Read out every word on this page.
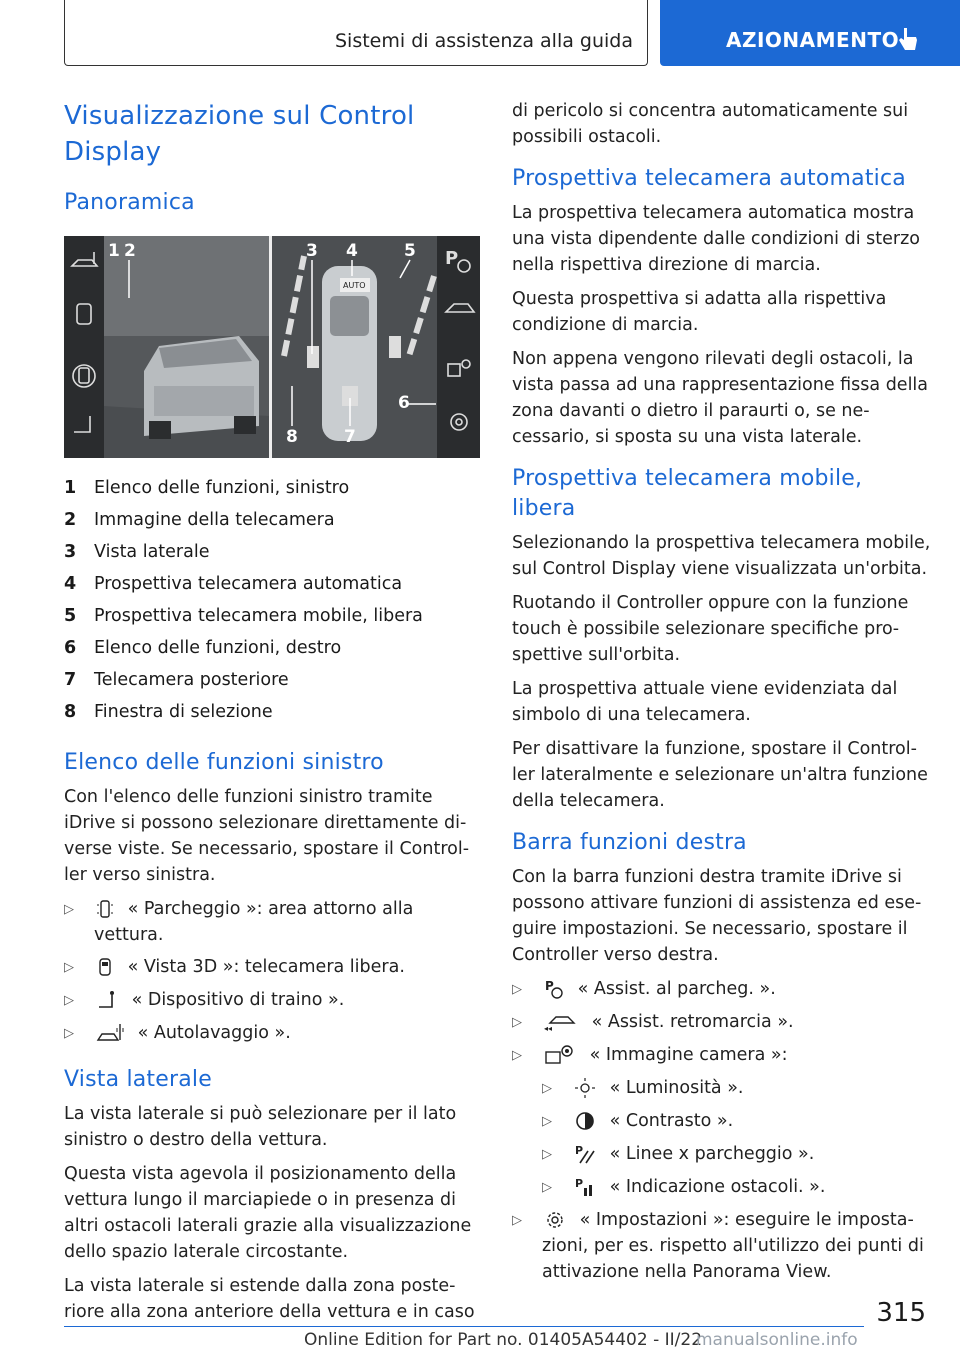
Sistemi di assistenza alla guida	AZIONAMENTO
Visualizzazione sul Control Display
Panoramica
AUTO
P
1 2	3 4	5
6
7
8
1	Elenco delle funzioni, sinistro
2	Immagine della telecamera
3	Vista laterale
4	Prospettiva telecamera automatica
5	Prospettiva telecamera mobile, libera
6	Elenco delle funzioni, destro
7	Telecamera posteriore
8	Finestra di selezione
Elenco delle funzioni sinistro

Con l'elenco delle funzioni sinistro tramite iDrive si possono selezionare direttamente diverse viste. Se necessario, spostare il Controller verso sinistra.

▷	« Parcheggio »: area attorno alla vettura.
▷	« Vista 3D »: telecamera libera.
▷	« Dispositivo di traino ».
▷	« Autolavaggio ».
Vista laterale

La vista laterale si può selezionare per il lato sinistro o destro della vettura.

Questa vista agevola il posizionamento della vettura lungo il marciapiede o in presenza di altri ostacoli laterali grazie alla visualizzazione dello spazio laterale circostante.

La vista laterale si estende dalla zona posteriore alla zona anteriore della vettura e in caso

di pericolo si concentra automaticamente sui possibili ostacoli.

Prospettiva telecamera automatica

La prospettiva telecamera automatica mostra una vista dipendente dalle condizioni di sterzo nella rispettiva direzione di marcia.

Questa prospettiva si adatta alla rispettiva condizione di marcia.

Non appena vengono rilevati degli ostacoli, la vista passa ad una rappresentazione fissa della zona davanti o dietro il paraurti o, se necessario, si sposta su una vista laterale.

Prospettiva telecamera mobile, libera

Selezionando la prospettiva telecamera mobile, sul Control Display viene visualizzata un'orbita.

Ruotando il Controller oppure con la funzione touch è possibile selezionare specifiche prospettive sull'orbita.

La prospettiva attuale viene evidenziata dal simbolo di una telecamera.

Per disattivare la funzione, spostare il Controller lateralmente e selezionare un'altra funzione della telecamera.

Barra funzioni destra

Con la barra funzioni destra tramite iDrive si possono attivare funzioni di assistenza ed eseguire impostazioni. Se necessario, spostare il Controller verso destra.

▷	P « Assist. al parcheg. ».
▷	◂◂ « Assist. retromarcia ».
▷	« Immagine camera »:
▷	« Luminosità ».
▷	« Contrasto ».
▷	P « Linee x parcheggio ».
▷	P « Indicazione ostacoli. ».
▷	« Impostazioni »: eseguire le impostazioni, per es. rispetto all'utilizzo dei punti di attivazione nella Panorama View.
315
Online Edition for Part no. 01405A54402 - II/22
manualsonline.info
